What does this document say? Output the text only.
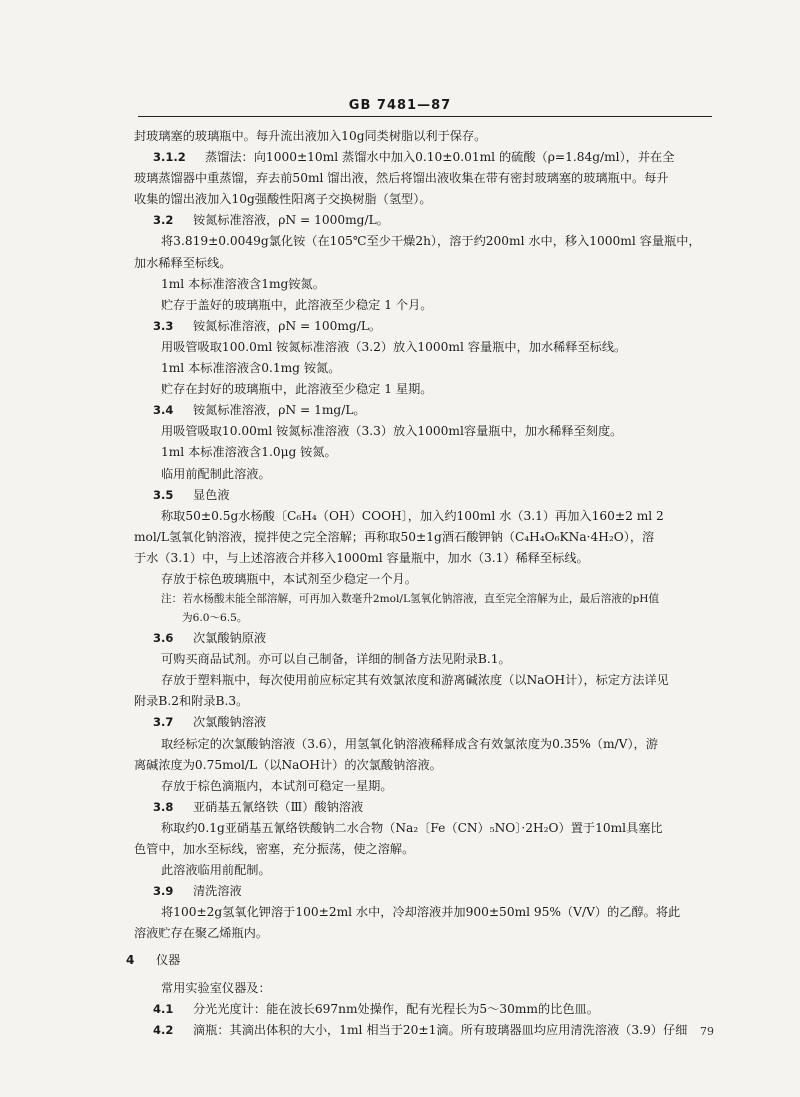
GB 7481—87
封玻璃塞的玻璃瓶中。每升流出液加入10g同类树脂以利于保存。
3.1.2 蒸馏法：向1000±10ml 蒸馏水中加入0.10±0.01ml 的硫酸（ρ=1.84g/ml），并在全
玻璃蒸馏器中重蒸馏，弃去前50ml 馏出液，然后将馏出液收集在带有密封玻璃塞的玻璃瓶中。每升
收集的馏出液加入10g强酸性阳离子交换树脂（氢型）。
3.2 铵氮标准溶液，ρN = 1000mg/L。
将3.819±0.0049g氯化铵（在105℃至少干燥2h），溶于约200ml 水中，移入1000ml 容量瓶中，
加水稀释至标线。
1ml 本标准溶液含1mg铵氮。
贮存于盖好的玻璃瓶中，此溶液至少稳定 1 个月。
3.3 铵氮标准溶液，ρN = 100mg/L。
用吸管吸取100.0ml 铵氮标准溶液（3.2）放入1000ml 容量瓶中，加水稀释至标线。
1ml 本标准溶液含0.1mg 铵氮。
贮存在封好的玻璃瓶中，此溶液至少稳定 1 星期。
3.4 铵氮标准溶液，ρN = 1mg/L。
用吸管吸取10.00ml 铵氮标准溶液（3.3）放入1000ml容量瓶中，加水稀释至刻度。
1ml 本标准溶液含1.0μg 铵氮。
临用前配制此溶液。
3.5 显色液
称取50±0.5g水杨酸〔C₆H₄（OH）COOH〕，加入约100ml 水（3.1）再加入160±2 ml 2
mol/L氢氧化钠溶液，搅拌使之完全溶解；再称取50±1g酒石酸钾钠（C₄H₄O₆KNa·4H₂O），溶
于水（3.1）中，与上述溶液合并移入1000ml 容量瓶中，加水（3.1）稀释至标线。
存放于棕色玻璃瓶中，本试剂至少稳定一个月。
注：若水杨酸未能全部溶解，可再加入数毫升2mol/L氢氧化钠溶液，直至完全溶解为止，最后溶液的pH值
为6.0～6.5。
3.6 次氯酸钠原液
可购买商品试剂。亦可以自己制备，详细的制备方法见附录B.1。
存放于塑料瓶中，每次使用前应标定其有效氯浓度和游离碱浓度（以NaOH计），标定方法详见
附录B.2和附录B.3。
3.7 次氯酸钠溶液
取经标定的次氯酸钠溶液（3.6），用氢氧化钠溶液稀释成含有效氯浓度为0.35%（m/V），游
离碱浓度为0.75mol/L（以NaOH计）的次氯酸钠溶液。
存放于棕色滴瓶内，本试剂可稳定一星期。
3.8 亚硝基五氰络铁（Ⅲ）酸钠溶液
称取约0.1g亚硝基五氰络铁酸钠二水合物（Na₂〔Fe（CN）₅NO〕·2H₂O）置于10ml具塞比
色管中，加水至标线，密塞，充分振荡，使之溶解。
此溶液临用前配制。
3.9 清洗溶液
将100±2g氢氧化钾溶于100±2ml 水中，冷却溶液并加900±50ml 95%（V/V）的乙醇。将此
溶液贮存在聚乙烯瓶内。
4 仪器
常用实验室仪器及：
4.1 分光光度计：能在波长697nm处操作，配有光程长为5～30mm的比色皿。
4.2 滴瓶：其滴出体积的大小，1ml 相当于20±1滴。所有玻璃器皿均应用清洗溶液（3.9）仔细	79
